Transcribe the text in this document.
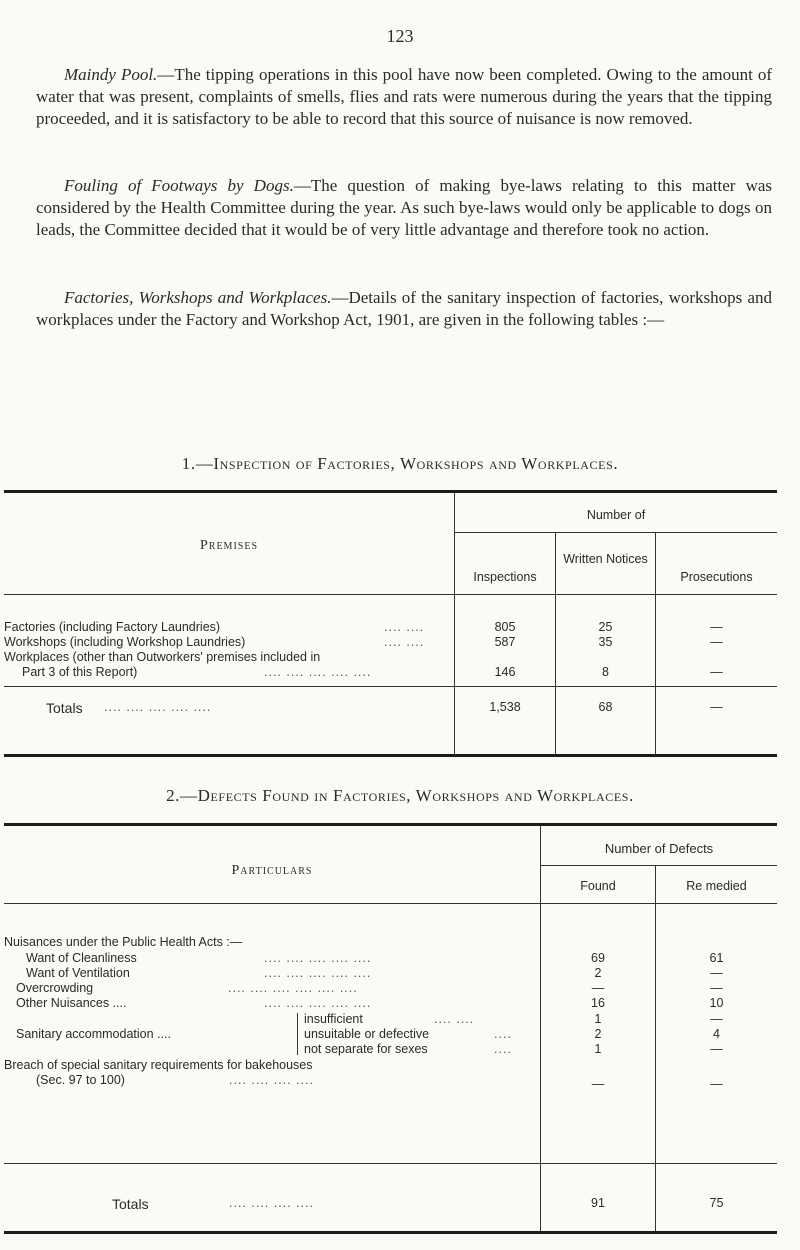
123

Maindy Pool.—The tipping operations in this pool have now been completed. Owing to the amount of water that was present, complaints of smells, flies and rats were numerous during the years that the tipping proceeded, and it is satisfactory to be able to record that this source of nuisance is now removed.

Fouling of Footways by Dogs.—The question of making bye-laws relating to this matter was considered by the Health Committee during the year. As such bye-laws would only be applicable to dogs on leads, the Committee decided that it would be of very little advantage and therefore took no action.

Factories, Workshops and Workplaces.—Details of the sanitary inspection of factories, workshops and workplaces under the Factory and Workshop Act, 1901, are given in the following tables :—

1.—Inspection of Factories, Workshops and Workplaces.
Premises
Number of
Inspections
Written Notices
Prosecutions
Factories (including Factory Laundries)	.... ....	805	25	—
Workshops (including Workshop Laundries)	.... ....	587	35	—
Workplaces (other than Outworkers' premises included in
Part 3 of this Report)	.... .... .... .... ....	146	8	—
Totals .... .... .... .... ....	1,538	68	—
2.—Defects Found in Factories, Workshops and Workplaces.
Particulars
Number of Defects
Found	Re medied
Nuisances under the Public Health Acts :—
Want of Cleanliness	.... .... .... .... ....	69	61
Want of Ventilation	.... .... .... .... ....	2	—
Overcrowding	.... .... .... .... .... ....	—	—
Other Nuisances ....	.... .... .... .... ....	16	10
Sanitary accommodation ....
insufficient	.... ....	1	—
unsuitable or defective	....	2	4
not separate for sexes	....	1	—
Breach of special sanitary requirements for bakehouses
(Sec. 97 to 100)	.... .... .... ....	—	—
Totals	.... .... .... ....	91	75
